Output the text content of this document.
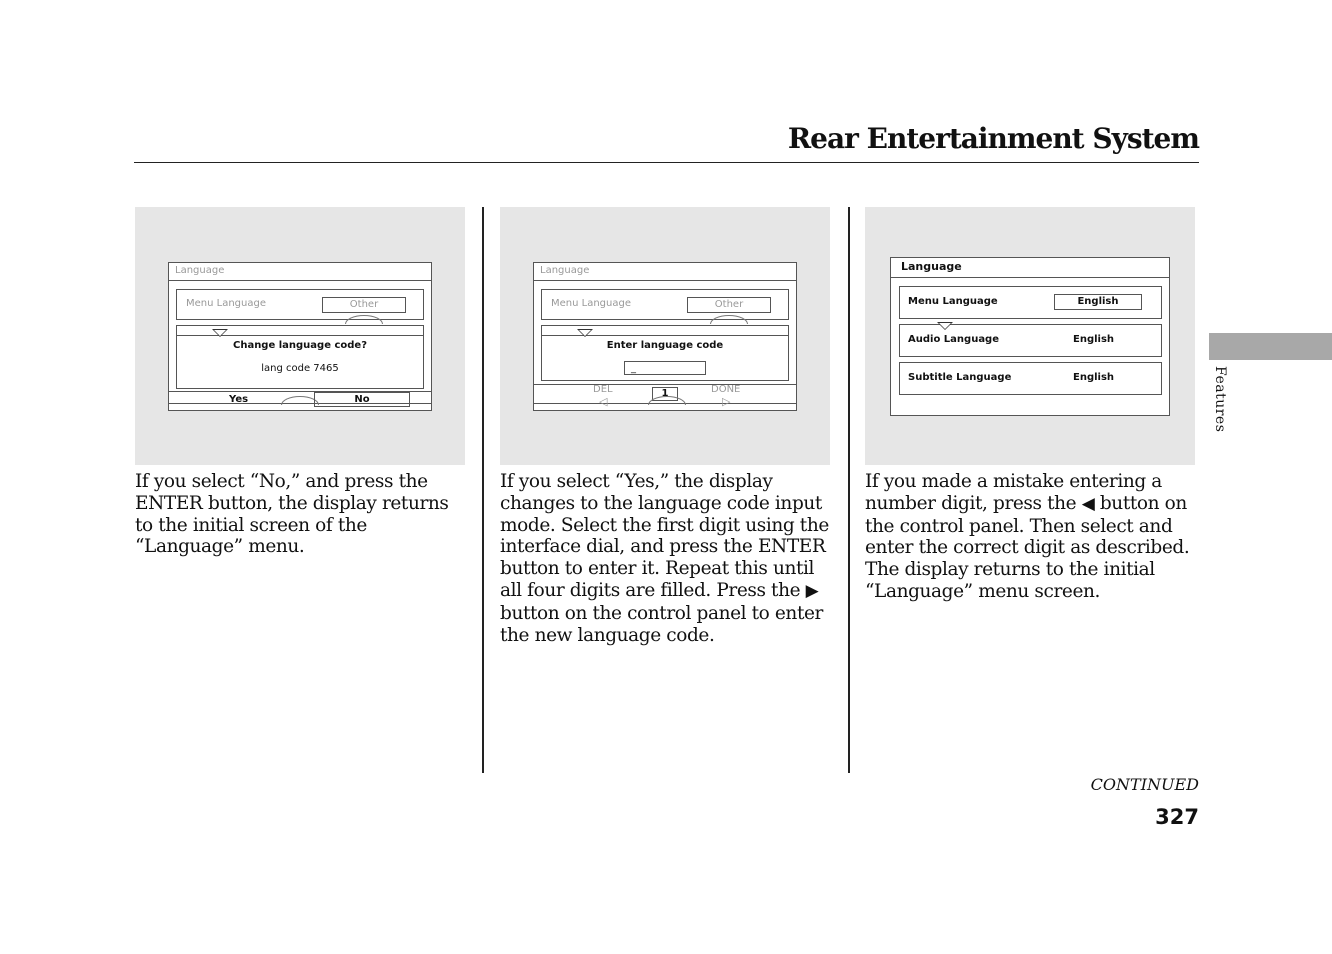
Rear Entertainment System
Language
Menu Language	Other
Change language code?
lang code 7465
Yes	No
Language
Menu Language	Other
Enter language code
_
DEL
◁
1	DONE
▷
Language
Menu Language	English
Audio Language	English
Subtitle Language	English
If you select “No,” and press the ENTER button, the display returns to the initial screen of the “Language” menu.
If you select “Yes,” the display changes to the language code input mode. Select the first digit using the interface dial, and press the ENTER button to enter it. Repeat this until all four digits are filled. Press the ▶ button on the control panel to enter the new language code.
If you made a mistake entering a number digit, press the ◀ button on the control panel. Then select and enter the correct digit as described. The display returns to the initial “Language” menu screen.
Features
CONTINUED
327
